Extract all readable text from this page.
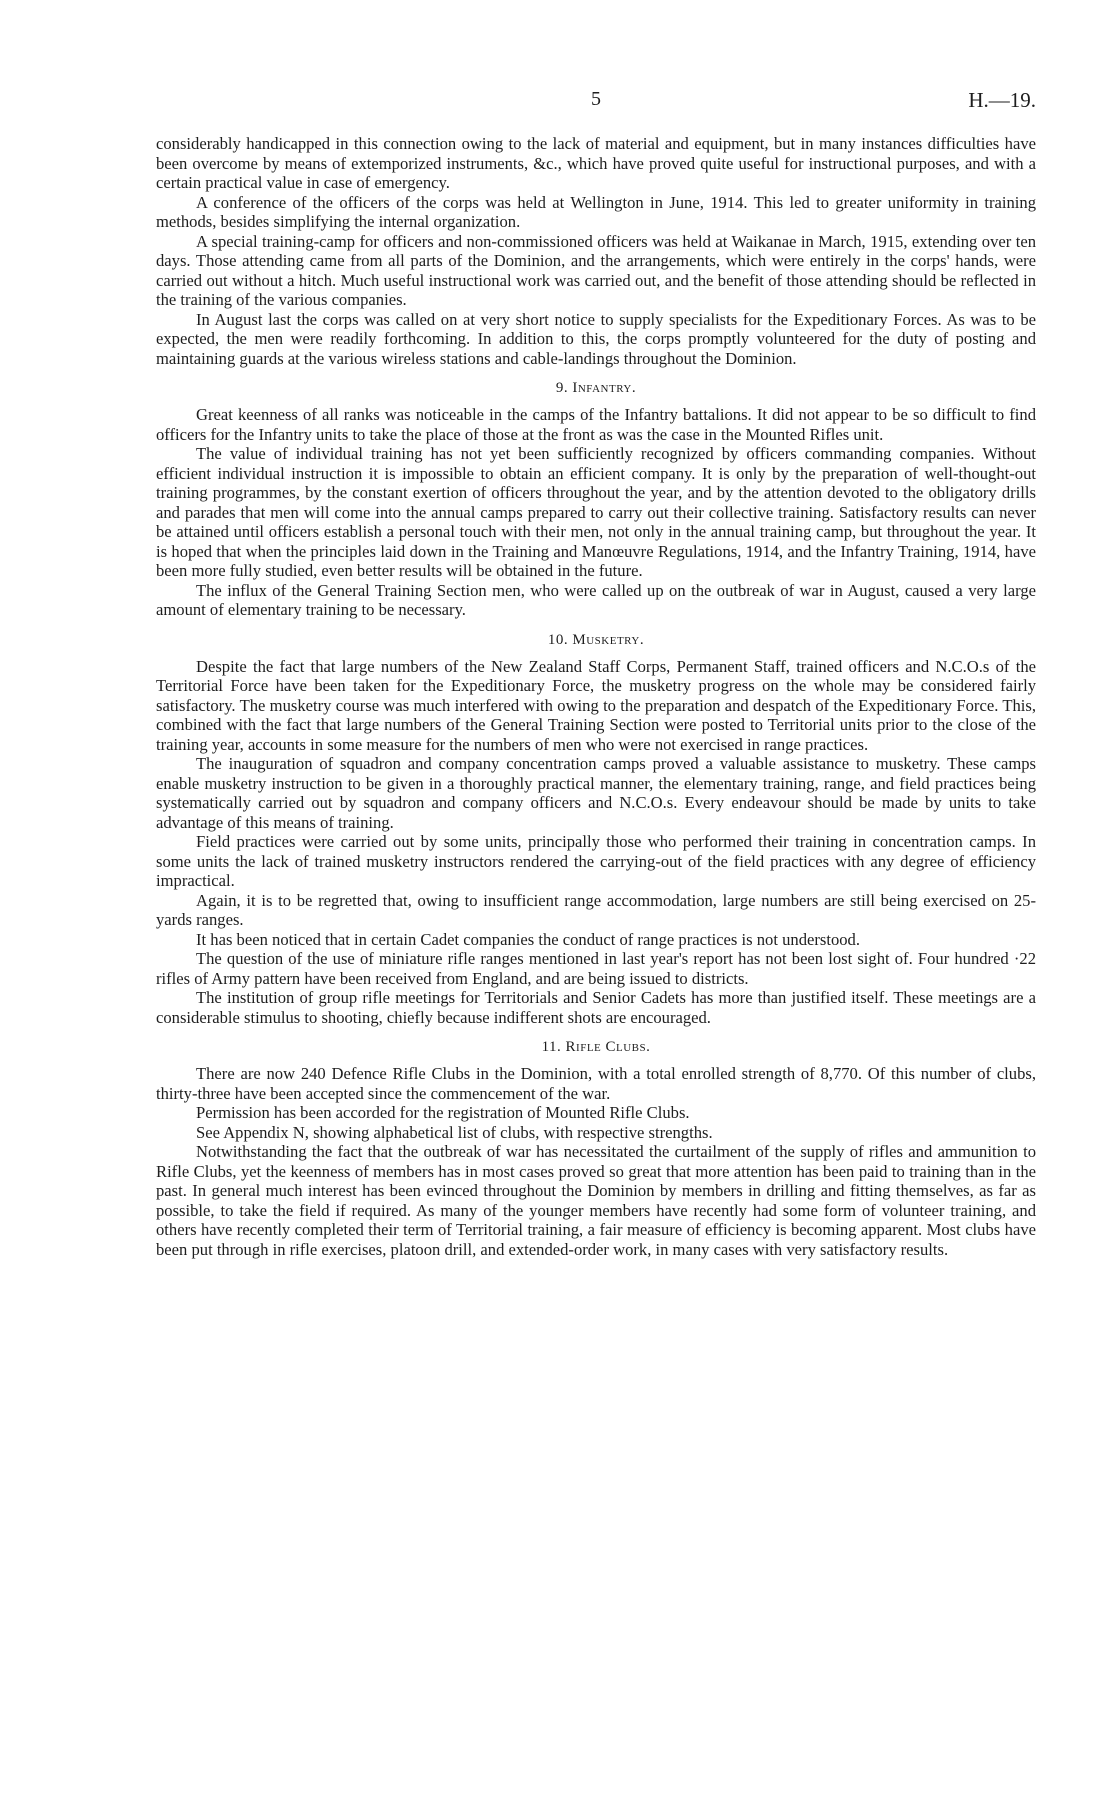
5	H.—19.

considerably handicapped in this connection owing to the lack of material and equipment, but in many instances difficulties have been overcome by means of extemporized instruments, &c., which have proved quite useful for instructional purposes, and with a certain practical value in case of emergency.

A conference of the officers of the corps was held at Wellington in June, 1914. This led to greater uniformity in training methods, besides simplifying the internal organization.

A special training-camp for officers and non-commissioned officers was held at Waikanae in March, 1915, extending over ten days. Those attending came from all parts of the Dominion, and the arrangements, which were entirely in the corps' hands, were carried out without a hitch. Much useful instructional work was carried out, and the benefit of those attending should be reflected in the training of the various companies.

In August last the corps was called on at very short notice to supply specialists for the Expeditionary Forces. As was to be expected, the men were readily forthcoming. In addition to this, the corps promptly volunteered for the duty of posting and maintaining guards at the various wireless stations and cable-landings throughout the Dominion.

9. Infantry.

Great keenness of all ranks was noticeable in the camps of the Infantry battalions. It did not appear to be so difficult to find officers for the Infantry units to take the place of those at the front as was the case in the Mounted Rifles unit.

The value of individual training has not yet been sufficiently recognized by officers commanding companies. Without efficient individual instruction it is impossible to obtain an efficient company. It is only by the preparation of well-thought-out training programmes, by the constant exertion of officers throughout the year, and by the attention devoted to the obligatory drills and parades that men will come into the annual camps prepared to carry out their collective training. Satisfactory results can never be attained until officers establish a personal touch with their men, not only in the annual training camp, but throughout the year. It is hoped that when the principles laid down in the Training and Manœuvre Regulations, 1914, and the Infantry Training, 1914, have been more fully studied, even better results will be obtained in the future.

The influx of the General Training Section men, who were called up on the outbreak of war in August, caused a very large amount of elementary training to be necessary.

10. Musketry.

Despite the fact that large numbers of the New Zealand Staff Corps, Permanent Staff, trained officers and N.C.O.s of the Territorial Force have been taken for the Expeditionary Force, the musketry progress on the whole may be considered fairly satisfactory. The musketry course was much interfered with owing to the preparation and despatch of the Expeditionary Force. This, combined with the fact that large numbers of the General Training Section were posted to Territorial units prior to the close of the training year, accounts in some measure for the numbers of men who were not exercised in range practices.

The inauguration of squadron and company concentration camps proved a valuable assistance to musketry. These camps enable musketry instruction to be given in a thoroughly practical manner, the elementary training, range, and field practices being systematically carried out by squadron and company officers and N.C.O.s. Every endeavour should be made by units to take advantage of this means of training.

Field practices were carried out by some units, principally those who performed their training in concentration camps. In some units the lack of trained musketry instructors rendered the carrying-out of the field practices with any degree of efficiency impractical.

Again, it is to be regretted that, owing to insufficient range accommodation, large numbers are still being exercised on 25-yards ranges.

It has been noticed that in certain Cadet companies the conduct of range practices is not understood.

The question of the use of miniature rifle ranges mentioned in last year's report has not been lost sight of. Four hundred ·22 rifles of Army pattern have been received from England, and are being issued to districts.

The institution of group rifle meetings for Territorials and Senior Cadets has more than justified itself. These meetings are a considerable stimulus to shooting, chiefly because indifferent shots are encouraged.

11. Rifle Clubs.

There are now 240 Defence Rifle Clubs in the Dominion, with a total enrolled strength of 8,770. Of this number of clubs, thirty-three have been accepted since the commencement of the war.

Permission has been accorded for the registration of Mounted Rifle Clubs.

See Appendix N, showing alphabetical list of clubs, with respective strengths.

Notwithstanding the fact that the outbreak of war has necessitated the curtailment of the supply of rifles and ammunition to Rifle Clubs, yet the keenness of members has in most cases proved so great that more attention has been paid to training than in the past. In general much interest has been evinced throughout the Dominion by members in drilling and fitting themselves, as far as possible, to take the field if required. As many of the younger members have recently had some form of volunteer training, and others have recently completed their term of Territorial training, a fair measure of efficiency is becoming apparent. Most clubs have been put through in rifle exercises, platoon drill, and extended-order work, in many cases with very satisfactory results.
